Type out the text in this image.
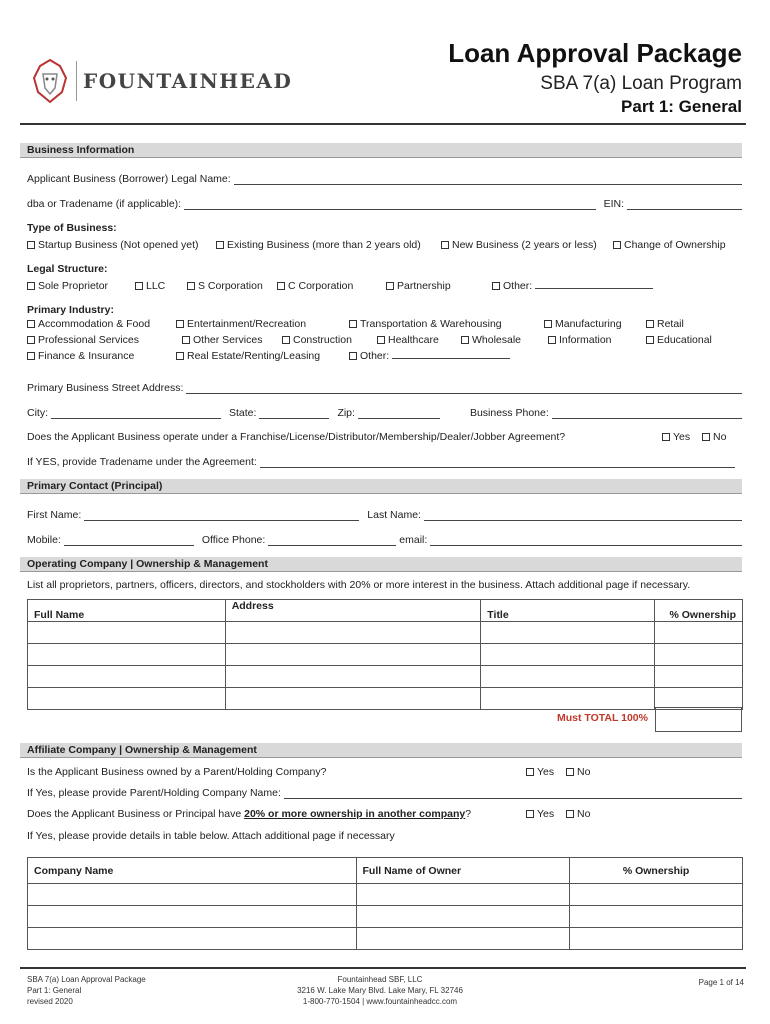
FOUNTAINHEAD
Loan Approval Package
SBA 7(a) Loan Program
Part 1: General
Business Information
Applicant Business (Borrower) Legal Name:
dba or Tradename (if applicable):	EIN:
Type of Business:
Startup Business (Not opened yet)	Existing Business (more than 2 years old)	New Business (2 years or less)	Change of Ownership
Legal Structure:
Sole Proprietor	LLC	S Corporation	C Corporation	Partnership	Other:
Primary Industry:
Accommodation & Food	Entertainment/Recreation	Transportation & Warehousing	Manufacturing	Retail
Professional Services	Other Services	Construction	Healthcare	Wholesale	Information	Educational
Finance & Insurance	Real Estate/Renting/Leasing	Other:
Primary Business Street Address:
City:	State:	Zip:	Business Phone:
Does the Applicant Business operate under a Franchise/License/Distributor/Membership/Dealer/Jobber Agreement?	Yes	No
If YES, provide Tradename under the Agreement:
Primary Contact (Principal)
First Name:	Last Name:
Mobile:	Office Phone:	email:
Operating Company | Ownership & Management
List all proprietors, partners, officers, directors, and stockholders with 20% or more interest in the business. Attach additional page if necessary.
Full Name	Address	Title	% Ownership

Must TOTAL 100%
Affiliate Company | Ownership & Management
Is the Applicant Business owned by a Parent/Holding Company?	Yes	No
If Yes, please provide Parent/Holding Company Name:
Does the Applicant Business or Principal have 20% or more ownership in another company?	Yes	No
If Yes, please provide details in table below. Attach additional page if necessary
Company Name	Full Name of Owner	% Ownership

SBA 7(a) Loan Approval Package
Part 1: General
revised 2020
Fountainhead SBF, LLC
3216 W. Lake Mary Blvd. Lake Mary, FL 32746
1-800-770-1504 | www.fountainheadcc.com
Page 1 of 14
